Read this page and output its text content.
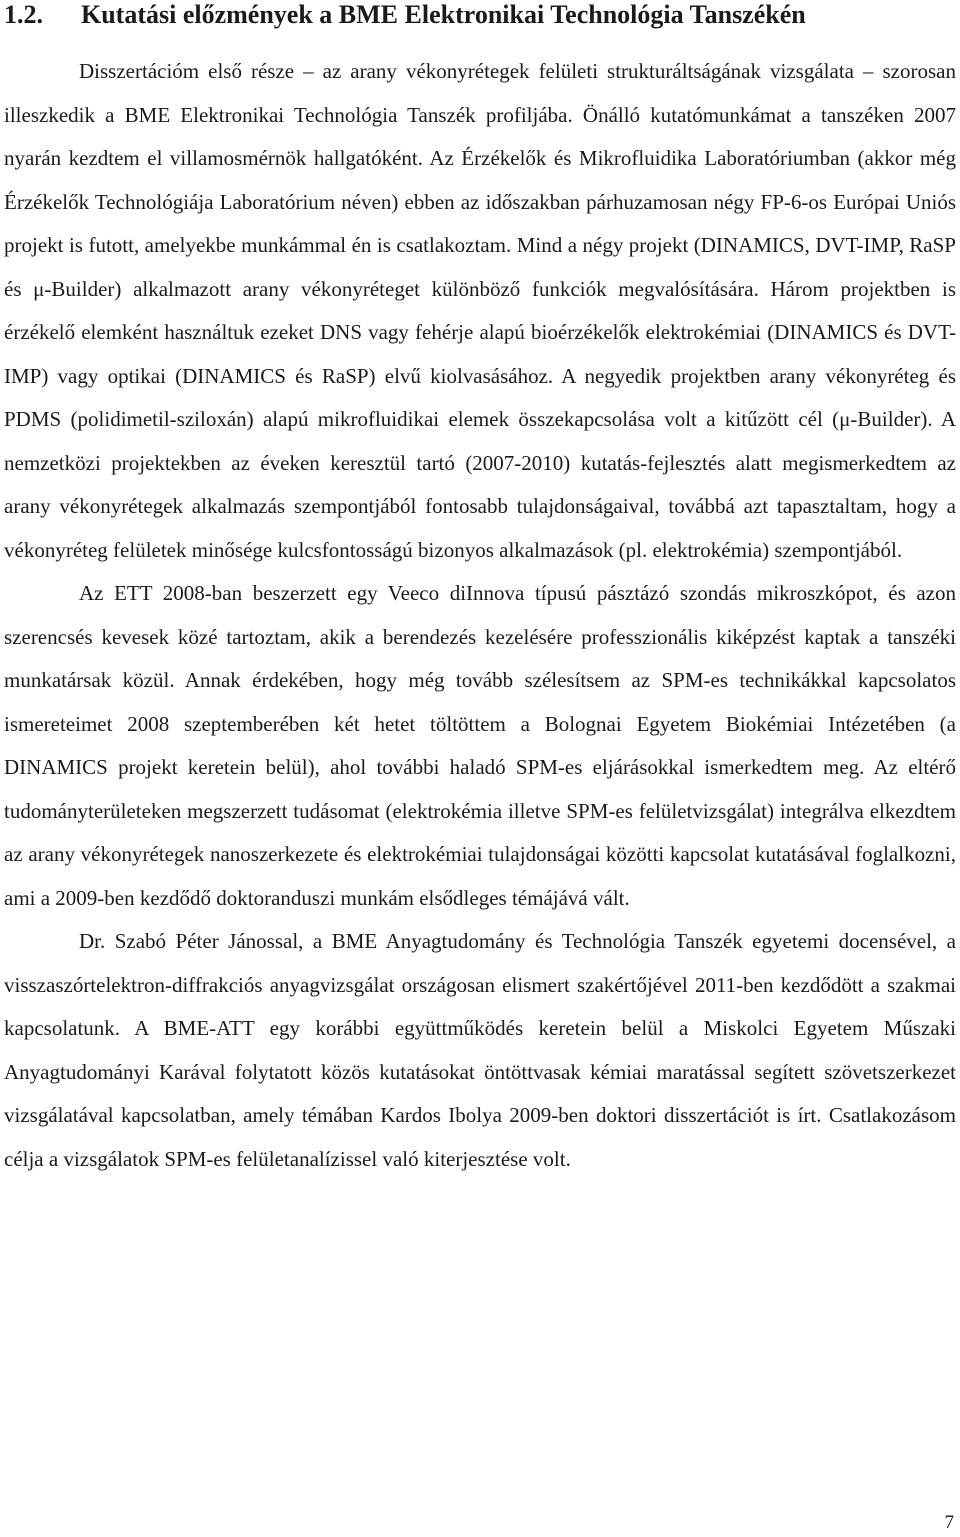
1.2. Kutatási előzmények a BME Elektronikai Technológia Tanszékén

Disszertációm első része – az arany vékonyrétegek felületi strukturáltságának vizsgálata – szorosan illeszkedik a BME Elektronikai Technológia Tanszék profiljába. Önálló kutatómunkámat a tanszéken 2007 nyarán kezdtem el villamosmérnök hallgatóként. Az Érzékelők és Mikrofluidika Laboratóriumban (akkor még Érzékelők Technológiája Laboratórium néven) ebben az időszakban párhuzamosan négy FP-6-os Európai Uniós projekt is futott, amelyekbe munkámmal én is csatlakoztam. Mind a négy projekt (DINAMICS, DVT-IMP, RaSP és μ-Builder) alkalmazott arany vékonyréteget különböző funkciók megvalósítására. Három projektben is érzékelő elemként használtuk ezeket DNS vagy fehérje alapú bioérzékelők elektrokémiai (DINAMICS és DVT-IMP) vagy optikai (DINAMICS és RaSP) elvű kiolvasásához. A negyedik projektben arany vékonyréteg és PDMS (polidimetil-sziloxán) alapú mikrofluidikai elemek összekapcsolása volt a kitűzött cél (μ-Builder). A nemzetközi projektekben az éveken keresztül tartó (2007-2010) kutatás-fejlesztés alatt megismerkedtem az arany vékonyrétegek alkalmazás szempontjából fontosabb tulajdonságaival, továbbá azt tapasztaltam, hogy a vékonyréteg felületek minősége kulcsfontosságú bizonyos alkalmazások (pl. elektrokémia) szempontjából.

Az ETT 2008-ban beszerzett egy Veeco diInnova típusú pásztázó szondás mikroszkópot, és azon szerencsés kevesek közé tartoztam, akik a berendezés kezelésére professzionális kiképzést kaptak a tanszéki munkatársak közül. Annak érdekében, hogy még tovább szélesítsem az SPM-es technikákkal kapcsolatos ismereteimet 2008 szeptemberében két hetet töltöttem a Bolognai Egyetem Biokémiai Intézetében (a DINAMICS projekt keretein belül), ahol további haladó SPM-es eljárásokkal ismerkedtem meg. Az eltérő tudományterületeken megszerzett tudásomat (elektrokémia illetve SPM-es felületvizsgálat) integrálva elkezdtem az arany vékonyrétegek nanoszerkezete és elektrokémiai tulajdonságai közötti kapcsolat kutatásával foglalkozni, ami a 2009-ben kezdődő doktoranduszi munkám elsődleges témájává vált.

Dr. Szabó Péter Jánossal, a BME Anyagtudomány és Technológia Tanszék egyetemi docensével, a visszaszórtelektron-diffrakciós anyagvizsgálat országosan elismert szakértőjével 2011-ben kezdődött a szakmai kapcsolatunk. A BME-ATT egy korábbi együttműködés keretein belül a Miskolci Egyetem Műszaki Anyagtudományi Karával folytatott közös kutatásokat öntöttvasak kémiai maratással segített szövetszerkezet vizsgálatával kapcsolatban, amely témában Kardos Ibolya 2009-ben doktori disszertációt is írt. Csatlakozásom célja a vizsgálatok SPM-es felületanalízissel való kiterjesztése volt.

7
